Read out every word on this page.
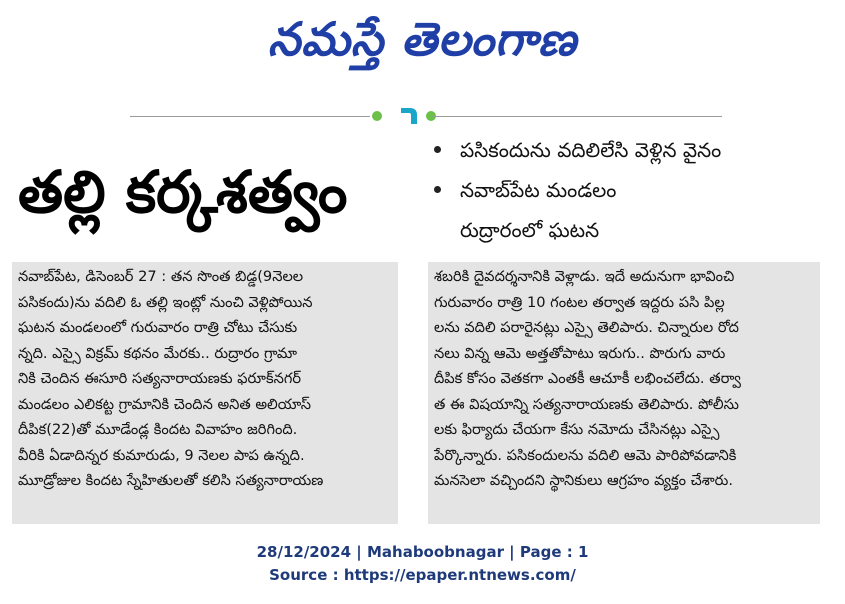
నమస్తే తెలంగాణ
తల్లి కర్కశత్వం
పసికందును వదిలిలేసి వెళ్లిన వైనం
నవాబ్‌పేట మండలం
రుద్రారంలో ఘటన
నవాబ్‌పేట, డిసెంబర్ 27 : తన సొంత బిడ్డ(9నెలల
పసికందు)ను వదిలి ఓ తల్లి ఇంట్లో నుంచి వెళ్లిపోయిన
ఘటన మండలంలో గురువారం రాత్రి చోటు చేసుకు
న్నది. ఎస్సై విక్రమ్ కథనం మేరకు.. రుద్రారం గ్రామా
నికి చెందిన ఈసూరి సత్యనారాయణకు ఫరూక్‌నగర్
మండలం ఎలికట్ట గ్రామానికి చెందిన అనిత అలియాస్
దీపిక(22)తో మూడేండ్ల కిందట వివాహం జరిగింది.
వీరికి ఏడాదిన్నర కుమారుడు, 9 నెలల పాప ఉన్నది.
మూడ్రోజుల కిందట స్నేహితులతో కలిసి సత్యనారాయణ
శబరికి దైవదర్శనానికి వెళ్లాడు. ఇదే అదునుగా భావించి
గురువారం రాత్రి 10 గంటల తర్వాత ఇద్దరు పసి పిల్ల
లను వదిలి పరారైనట్లు ఎస్సై తెలిపారు. చిన్నారుల రోద
నలు విన్న ఆమె అత్తతోపాటు ఇరుగు.. పొరుగు వారు
దీపిక కోసం వెతకగా ఎంతకీ ఆచూకీ లభించలేదు. తర్వా
త ఈ విషయాన్ని సత్యనారాయణకు తెలిపారు. పోలీసు
లకు ఫిర్యాదు చేయగా కేసు నమోదు చేసినట్లు ఎస్సై
పేర్కొన్నారు. పసికందులను వదిలి ఆమె పారిపోవడానికి
మనసెలా వచ్చిందని స్థానికులు ఆగ్రహం వ్యక్తం చేశారు.
28/12/2024 | Mahaboobnagar | Page : 1
Source : https://epaper.ntnews.com/
